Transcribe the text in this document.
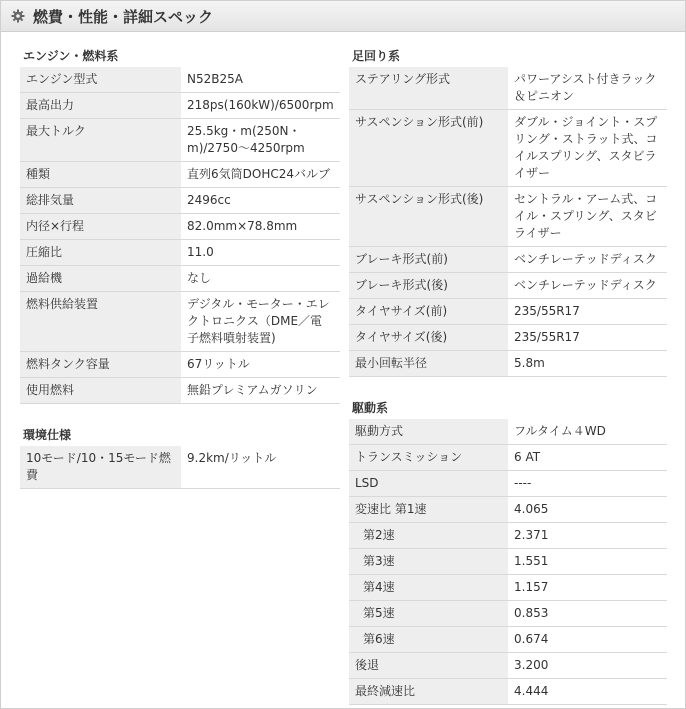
燃費・性能・詳細スペック
エンジン・燃料系
エンジン型式	N52B25A
最高出力	218ps(160kW)/6500rpm
最大トルク	25.5kg・m(250N・m)/2750〜4250rpm
種類	直列6気筒DOHC24バルブ
総排気量	2496cc
内径×行程	82.0mm×78.8mm
圧縮比	11.0
過給機	なし
燃料供給装置	デジタル・モーター・エレクトロニクス（DME／電子燃料噴射装置)
燃料タンク容量	67リットル
使用燃料	無鉛プレミアムガソリン
環境仕様
10モード/10・15モード燃費	9.2km/リットル
足回り系
ステアリング形式	パワーアシスト付きラック＆ピニオン
サスペンション形式(前)	ダブル・ジョイント・スプリング・ストラット式、コイルスプリング、スタビライザー
サスペンション形式(後)	セントラル・アーム式、コイル・スプリング、スタビライザー
ブレーキ形式(前)	ベンチレーテッドディスク
ブレーキ形式(後)	ベンチレーテッドディスク
タイヤサイズ(前)	235/55R17
タイヤサイズ(後)	235/55R17
最小回転半径	5.8m
駆動系
駆動方式	フルタイム４WD
トランスミッション	6 AT
LSD	----
変速比 第1速	4.065
第2速	2.371
第3速	1.551
第4速	1.157
第5速	0.853
第6速	0.674
後退	3.200
最終減速比	4.444
